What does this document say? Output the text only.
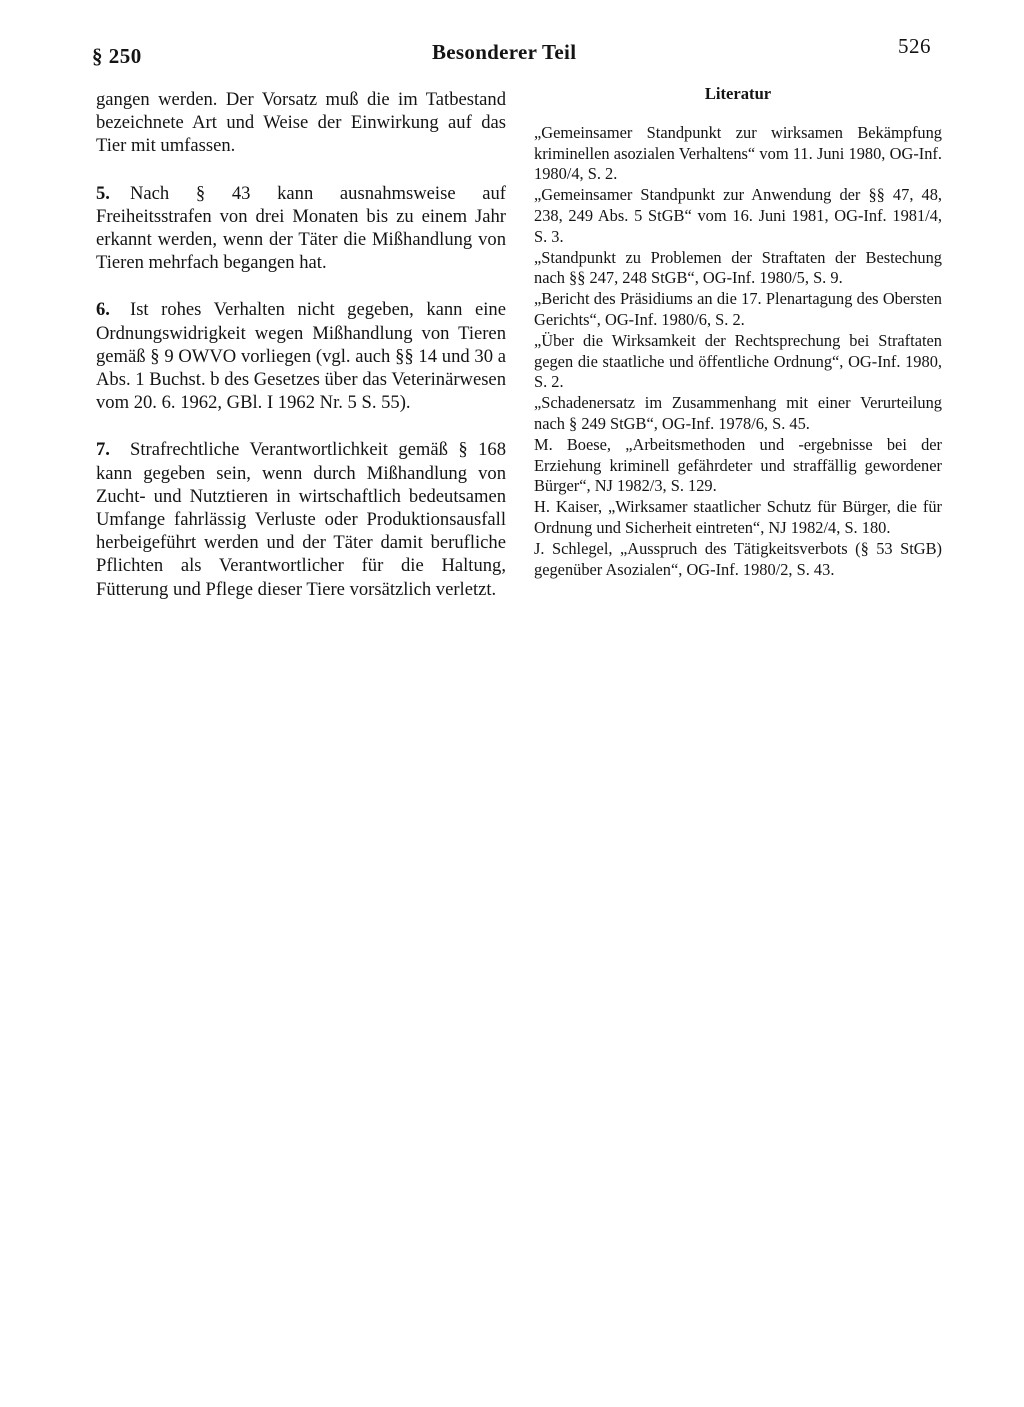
§ 250	Besonderer Teil	526

gangen werden. Der Vorsatz muß die im Tatbestand bezeichnete Art und Weise der Einwirkung auf das Tier mit umfassen.

5. Nach § 43 kann ausnahmsweise auf Freiheitsstrafen von drei Monaten bis zu einem Jahr erkannt werden, wenn der Täter die Mißhandlung von Tieren mehrfach begangen hat.

6. Ist rohes Verhalten nicht gegeben, kann eine Ordnungswidrigkeit wegen Mißhandlung von Tieren gemäß § 9 OWVO vorliegen (vgl. auch §§ 14 und 30 a Abs. 1 Buchst. b des Gesetzes über das Veterinärwesen vom 20. 6. 1962, GBl. I 1962 Nr. 5 S. 55).

7. Strafrechtliche Verantwortlichkeit gemäß § 168 kann gegeben sein, wenn durch Mißhandlung von Zucht- und Nutztieren in wirtschaftlich bedeutsamen Umfange fahrlässig Verluste oder Produktionsausfall herbeigeführt werden und der Täter damit berufliche Pflichten als Verantwortlicher für die Haltung, Fütterung und Pflege dieser Tiere vorsätzlich verletzt.

Literatur
„Gemeinsamer Standpunkt zur wirksamen Bekämpfung kriminellen asozialen Verhaltens“ vom 11. Juni 1980, OG-Inf. 1980/4, S. 2.
„Gemeinsamer Standpunkt zur Anwendung der §§ 47, 48, 238, 249 Abs. 5 StGB“ vom 16. Juni 1981, OG-Inf. 1981/4, S. 3.
„Standpunkt zu Problemen der Straftaten der Bestechung nach §§ 247, 248 StGB“, OG-Inf. 1980/5, S. 9.
„Bericht des Präsidiums an die 17. Plenartagung des Obersten Gerichts“, OG-Inf. 1980/6, S. 2.
„Über die Wirksamkeit der Rechtsprechung bei Straftaten gegen die staatliche und öffentliche Ordnung“, OG-Inf. 1980, S. 2.
„Schadenersatz im Zusammenhang mit einer Verurteilung nach § 249 StGB“, OG-Inf. 1978/6, S. 45.
M. Boese, „Arbeitsmethoden und -ergebnisse bei der Erziehung kriminell gefährdeter und straffällig gewordener Bürger“, NJ 1982/3, S. 129.
H. Kaiser, „Wirksamer staatlicher Schutz für Bürger, die für Ordnung und Sicherheit eintreten“, NJ 1982/4, S. 180.
J. Schlegel, „Ausspruch des Tätigkeitsverbots (§ 53 StGB) gegenüber Asozialen“, OG-Inf. 1980/2, S. 43.
